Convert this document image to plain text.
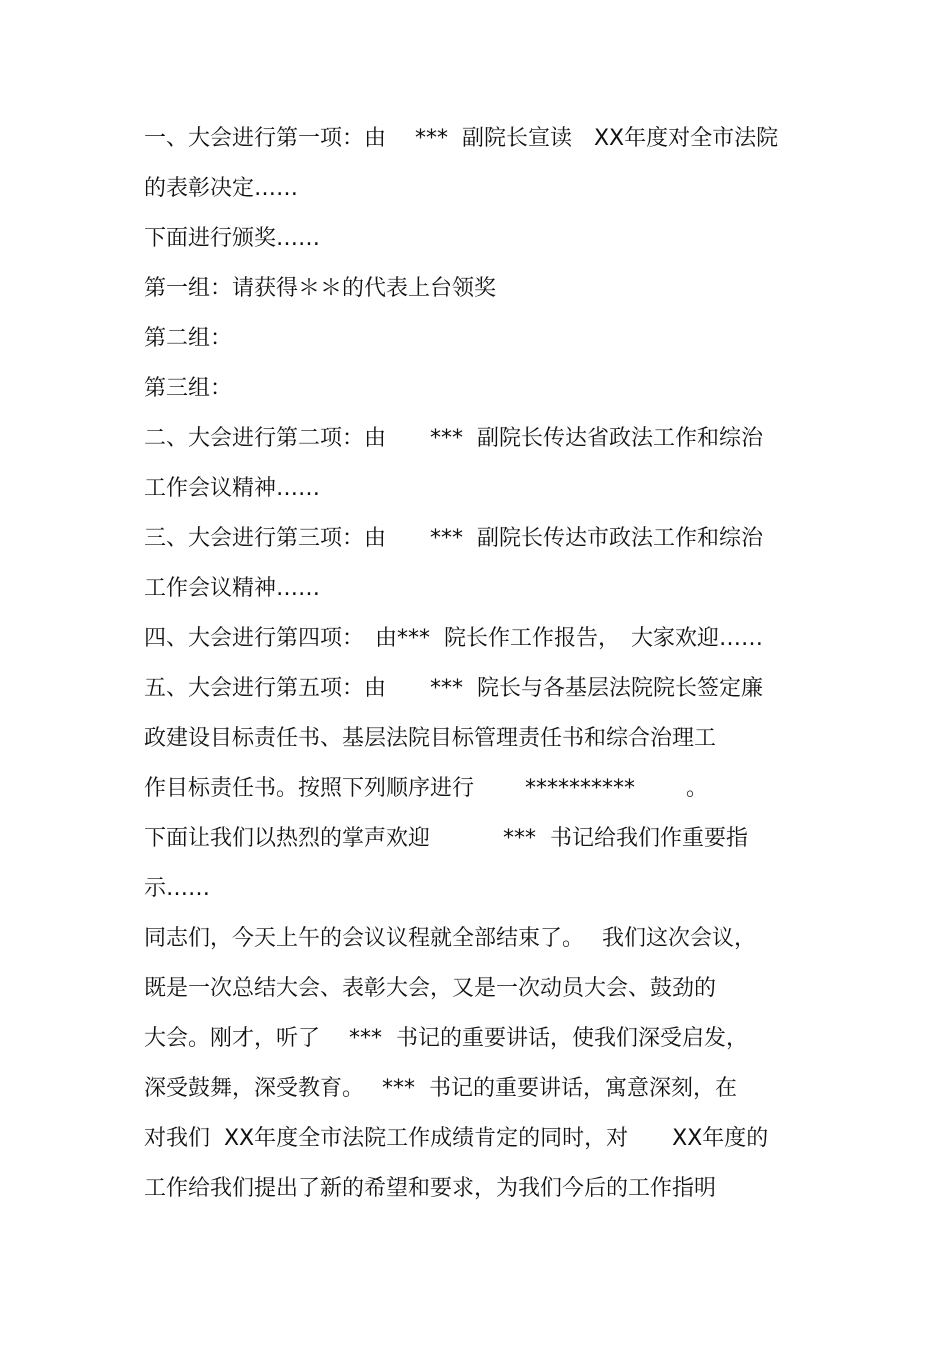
一、大会进行第一项：由　 ***  副院长宣读　XX年度对全市法院
的表彰决定……
下面进行颁奖……
第一组：请获得＊＊的代表上台领奖
第二组：
第三组：
二、大会进行第二项：由　　***  副院长传达省政法工作和综治
工作会议精神……
三、大会进行第三项：由　　***  副院长传达市政法工作和综治
工作会议精神……
四、大会进行第四项：　由***  院长作工作报告，　大家欢迎……
五、大会进行第五项：由　　***  院长与各基层法院院长签定廉
政建设目标责任书、基层法院目标管理责任书和综合治理工
作目标责任书。按照下列顺序进行　　 **********　　 。
下面让我们以热烈的掌声欢迎　　　 ***  书记给我们作重要指
示……
同志们，今天上午的会议议程就全部结束了。　 我们这次会议，
既是一次总结大会、表彰大会，又是一次动员大会、鼓劲的
大会。刚才，听了　 ***  书记的重要讲话，使我们深受启发，
深受鼓舞，深受教育。　 ***  书记的重要讲话，寓意深刻，在
对我们  XX年度全市法院工作成绩肯定的同时，对　　XX年度的
工作给我们提出了新的希望和要求，为我们今后的工作指明
